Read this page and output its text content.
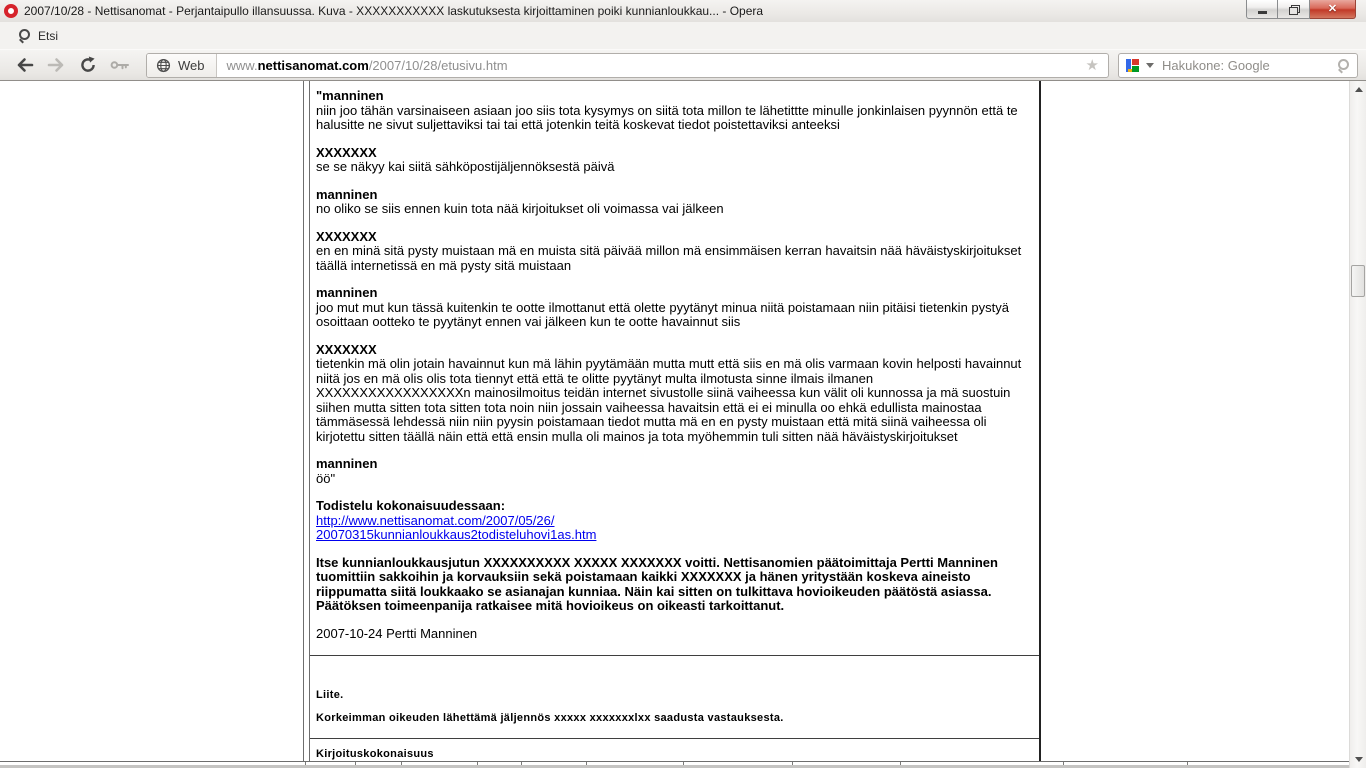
2007/10/28 - Nettisanomat - Perjantaipullo illansuussa. Kuva - XXXXXXXXXXX laskutuksesta kirjoittaminen poiki kunnianloukkau... - Opera	✕
Etsi
Web	www.nettisanomat.com/2007/10/28/etusivu.htm	★	Hakukone: Google
"manninen
niin joo tähän varsinaiseen asiaan joo siis tota kysymys on siitä tota millon te lähetittte minulle jonkinlaisen pyynnön että te halusitte ne sivut suljettaviksi tai tai että jotenkin teitä koskevat tiedot poistettaviksi anteeksi
XXXXXXX
se se näkyy kai siitä sähköpostijäljennöksestä päivä
manninen
no oliko se siis ennen kuin tota nää kirjoitukset oli voimassa vai jälkeen
XXXXXXX
en en minä sitä pysty muistaan mä en muista sitä päivää millon mä ensimmäisen kerran havaitsin nää häväistyskirjoitukset täällä internetissä en mä pysty sitä muistaan
manninen
joo mut mut kun tässä kuitenkin te ootte ilmottanut että olette pyytänyt minua niitä poistamaan niin pitäisi tietenkin pystyä osoittaan ootteko te pyytänyt ennen vai jälkeen kun te ootte havainnut siis
XXXXXXX
tietenkin mä olin jotain havainnut kun mä lähin pyytämään mutta mutt että siis en mä olis varmaan kovin helposti havainnut niitä jos en mä olis olis tota tiennyt että että te olitte pyytänyt multa ilmotusta sinne ilmais ilmanen XXXXXXXXXXXXXXXXXn mainosilmoitus teidän internet sivustolle siinä vaiheessa kun välit oli kunnossa ja mä suostuin siihen mutta sitten tota sitten tota noin niin jossain vaiheessa havaitsin että ei ei minulla oo ehkä edullista mainostaa tämmäsessä lehdessä niin niin pyysin poistamaan tiedot mutta mä en en pysty muistaan että mitä siinä vaiheessa oli kirjotettu sitten täällä näin että että ensin mulla oli mainos ja tota myöhemmin tuli sitten nää häväistyskirjoitukset
manninen
öö"
Todistelu kokonaisuudessaan:
http://www.nettisanomat.com/2007/05/26/
20070315kunnianloukkaus2todisteluhovi1as.htm
Itse kunnianloukkausjutun XXXXXXXXXX XXXXX XXXXXXX voitti. Nettisanomien päätoimittaja Pertti Manninen tuomittiin sakkoihin ja korvauksiin sekä poistamaan kaikki XXXXXXX ja hänen yritystään koskeva aineisto riippumatta siitä loukkaako se asianajan kunniaa. Näin kai sitten on tulkittava hovioikeuden päätöstä asiassa. Päätöksen toimeenpanija ratkaisee mitä hovioikeus on oikeasti tarkoittanut.
2007-10-24 Pertti Manninen

Liite.

Korkeimman oikeuden lähettämä jäljennös xxxxx xxxxxxxlxx saadusta vastauksesta.

Kirjoituskokonaisuus
